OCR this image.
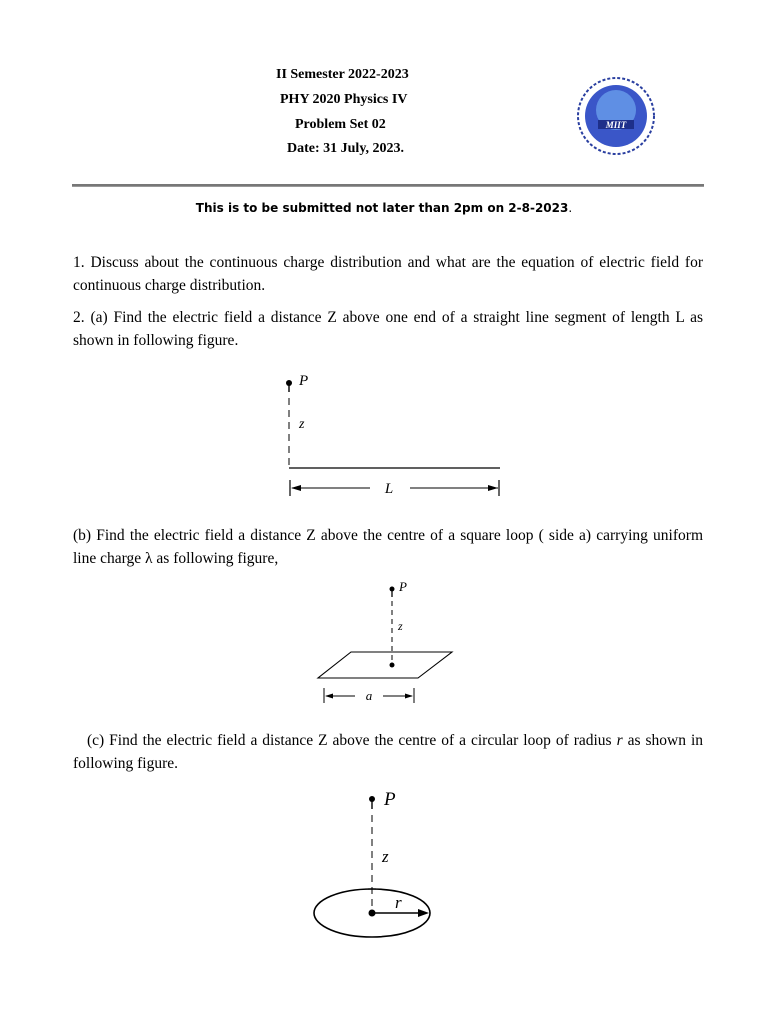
II Semester 2022-2023
PHY 2020 Physics IV
Problem Set 02
Date: 31 July, 2023.
MIIT
This is to be submitted not later than 2pm on 2-8-2023.
1. Discuss about the continuous charge distribution and what are the equation of electric field for continuous charge distribution.
2. (a) Find the electric field a distance Z above one end of a straight line segment of length L as shown in following figure.
P
z
L
(b) Find the electric field a distance Z above the centre of a square loop ( side a) carrying uniform line charge λ as following figure,
P
z
a
(c) Find the electric field a distance Z above the centre of a circular loop of radius r as shown in following figure.
P
z
r
